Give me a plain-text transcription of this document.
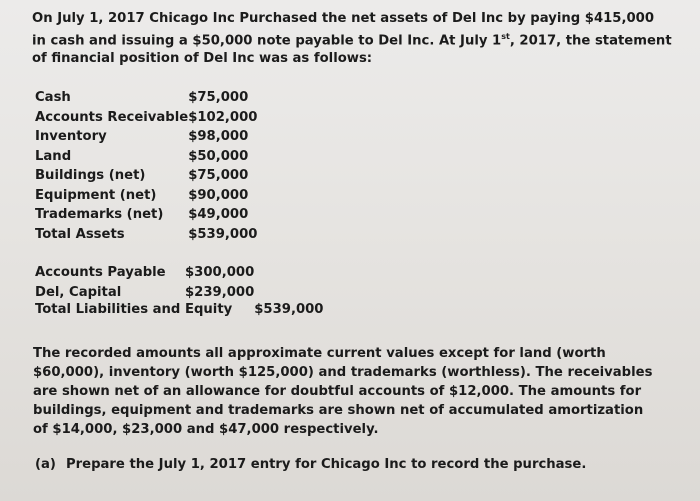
On July 1, 2017 Chicago Inc Purchased the net assets of Del Inc by paying $415,000 in cash and issuing a $50,000 note payable to Del Inc. At July 1st, 2017, the statement of financial position of Del Inc was as follows:

Cash	$75,000
Accounts Receivable	$102,000
Inventory	$98,000
Land	$50,000
Buildings (net)	$75,000
Equipment (net)	$90,000
Trademarks (net)	$49,000
Total Assets	$539,000
Accounts Payable	$300,000
Del, Capital	$239,000
Total Liabilities and Equity $539,000

The recorded amounts all approximate current values except for land (worth $60,000), inventory (worth $125,000) and trademarks (worthless). The receivables are shown net of an allowance for doubtful accounts of $12,000. The amounts for buildings, equipment and trademarks are shown net of accumulated amortization of $14,000, $23,000 and $47,000 respectively.

(a) Prepare the July 1, 2017 entry for Chicago Inc to record the purchase.
